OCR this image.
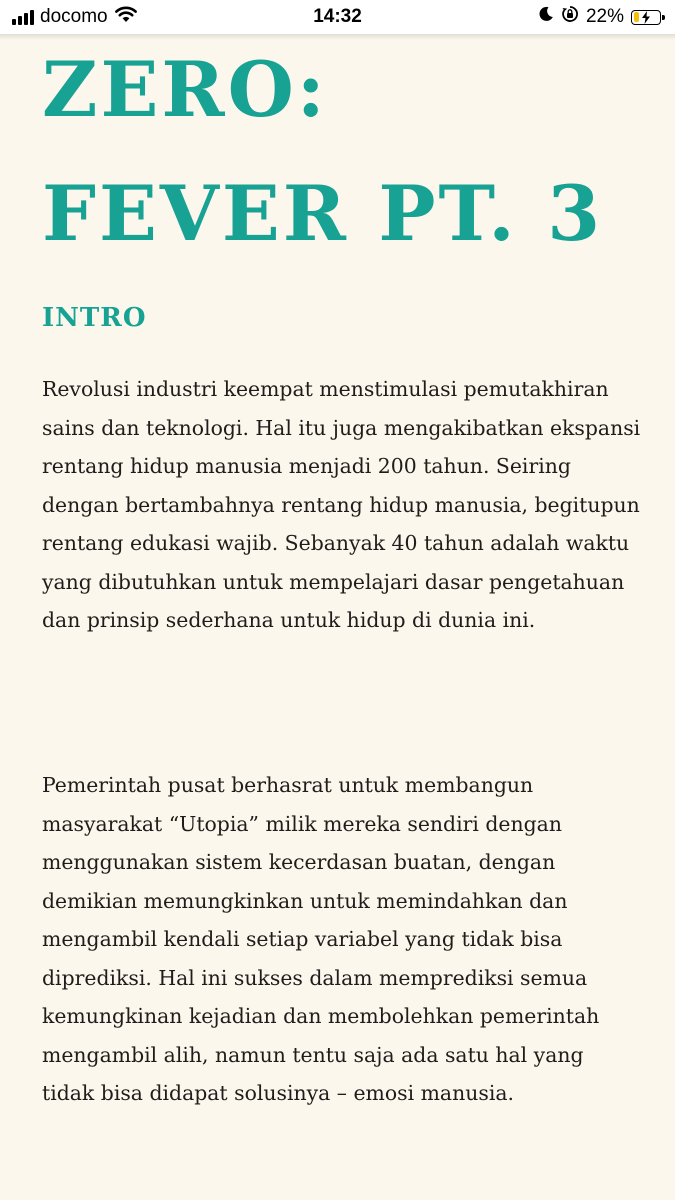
docomo	14:32	22%
ZERO: FEVER PT. 3
INTRO

Revolusi industri keempat menstimulasi pemutakhiran sains dan teknologi. Hal itu juga mengakibatkan ekspansi rentang hidup manusia menjadi 200 tahun. Seiring dengan bertambahnya rentang hidup manusia, begitupun rentang edukasi wajib. Sebanyak 40 tahun adalah waktu yang dibutuhkan untuk mempelajari dasar pengetahuan dan prinsip sederhana untuk hidup di dunia ini.

Pemerintah pusat berhasrat untuk membangun masyarakat “Utopia” milik mereka sendiri dengan menggunakan sistem kecerdasan buatan, dengan demikian memungkinkan untuk memindahkan dan mengambil kendali setiap variabel yang tidak bisa diprediksi. Hal ini sukses dalam memprediksi semua kemungkinan kejadian dan membolehkan pemerintah mengambil alih, namun tentu saja ada satu hal yang tidak bisa didapat solusinya – emosi manusia.
